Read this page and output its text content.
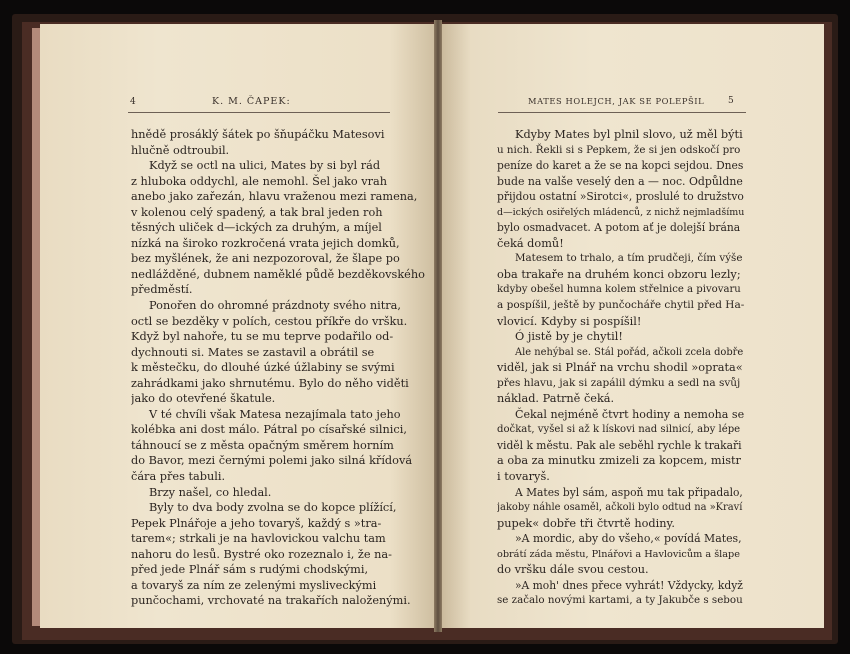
4	K. M. ČAPEK:
hnědě prosáklý šátek po šňupáčku Matesovi
hlučně odtroubil.
Když se octl na ulici, Mates by si byl rád
z hluboka oddychl, ale nemohl. Šel jako vrah
anebo jako zařezán, hlavu vraženou mezi ramena,
v kolenou celý spadený, a tak bral jeden roh
těsných uliček d—ických za druhým, a míjel
nízká na široko rozkročená vrata jejich domků,
bez myšlének, že ani nezpozoroval, že šlape po
nedlážděné, dubnem naměklé půdě bezděkovského
předměstí.
Ponořen do ohromné prázdnoty svého nitra,
octl se bezděky v polích, cestou příkře do vršku.
Když byl nahoře, tu se mu teprve podařilo od-
dychnouti si. Mates se zastavil a obrátil se
k městečku, do dlouhé úzké úžlabiny se svými
zahrádkami jako shrnutému. Bylo do něho viděti
jako do otevřené škatule.
V té chvíli však Matesa nezajímala tato jeho
kolébka ani dost málo. Pátral po císařské silnici,
táhnoucí se z města opačným směrem horním
do Bavor, mezi černými polemi jako silná křídová
čára přes tabuli.
Brzy našel, co hledal.
Byly to dva body zvolna se do kopce plížící,
Pepek Plnářoje a jeho tovaryš, každý s »tra-
tarem«; strkali je na havlovickou valchu tam
nahoru do lesů. Bystré oko rozeznalo i, že na-
před jede Plnář sám s rudými chodskými,
a tovaryš za ním ze zelenými mysliveckými
punčochami, vrchovaté na trakařích naloženými.
MATES HOLEJCH, JAK SE POLEPŠIL	5
Kdyby Mates byl plnil slovo, už měl býti
u nich. Řekli si s Pepkem, že si jen odskočí pro
peníze do karet a že se na kopci sejdou. Dnes
bude na valše veselý den a — noc. Odpůldne
přijdou ostatní »Sirotci«, proslulé to družstvo
d—ických osiřelých mládenců, z nichž nejmladšímu
bylo osmadvacet. A potom ať je dolejší brána
čeká domů!
Matesem to trhalo, a tím prudčeji, čím výše
oba trakaře na druhém konci obzoru lezly;
kdyby obešel humna kolem střelnice a pivovaru
a pospíšil, ještě by punčocháře chytil před Ha-
vlovicí. Kdyby si pospíšil!
Ó jistě by je chytil!
Ale nehýbal se. Stál pořád, ačkoli zcela dobře
viděl, jak si Plnář na vrchu shodil »oprata«
přes hlavu, jak si zapálil dýmku a sedl na svůj
náklad. Patrně čeká.
Čekal nejméně čtvrt hodiny a nemoha se
dočkat, vyšel si až k lískovi nad silnicí, aby lépe
viděl k městu. Pak ale seběhl rychle k trakaři
a oba za minutku zmizeli za kopcem, mistr
i tovaryš.
A Mates byl sám, aspoň mu tak připadalo,
jakoby náhle osaměl, ačkoli bylo odtud na »Kraví
pupek« dobře tři čtvrtě hodiny.
»A mordic, aby do všeho,« povídá Mates,
obrátí záda městu, Plnářovi a Havlovicům a šlape
do vršku dále svou cestou.
»A moh' dnes přece vyhrát! Vždycky, když
se začalo novými kartami, a ty Jakubče s sebou
